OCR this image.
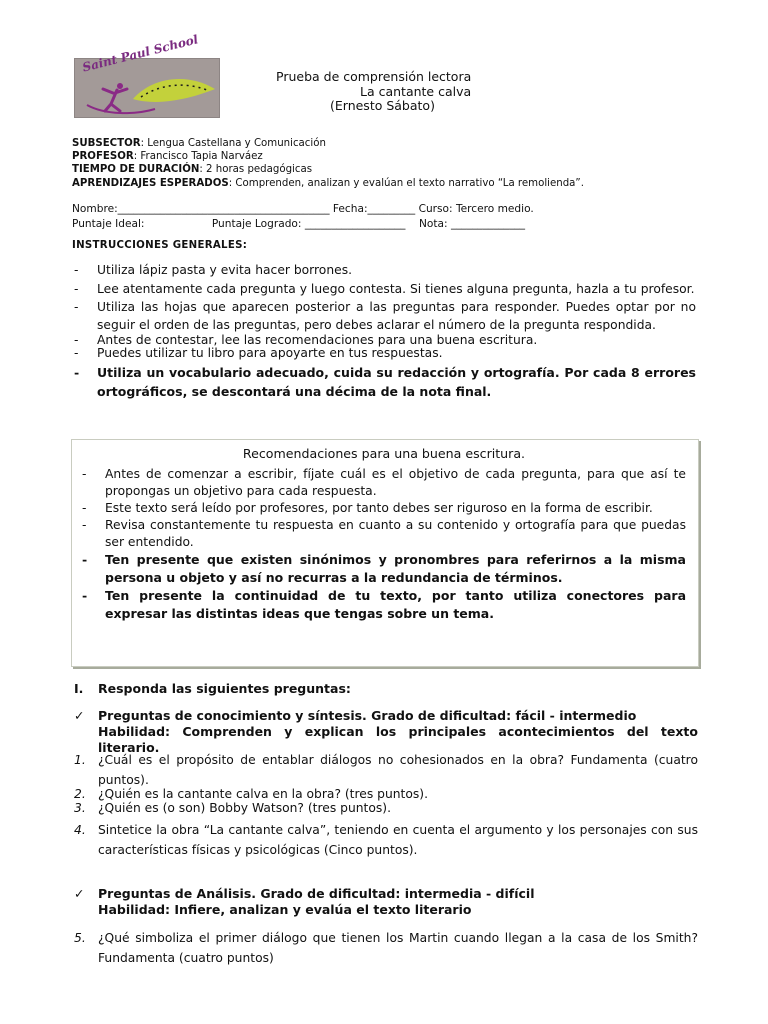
Saint Paul School
Prueba de comprensión lectora
La cantante calva
(Ernesto Sábato)
SUBSECTOR: Lengua Castellana y Comunicación
PROFESOR: Francisco Tapia Narváez
TIEMPO DE DURACIÓN: 2 horas pedagógicas
APRENDIZAJES ESPERADOS: Comprenden, analizan y evalúan el texto narrativo “La remolienda”.
Nombre:________________________________________ Fecha:_________ Curso: Tercero medio.
Puntaje Ideal:                    Puntaje Logrado: ___________________    Nota: ______________
INSTRUCCIONES GENERALES:
- Utiliza lápiz pasta y evita hacer borrones.
- Lee atentamente cada pregunta y luego contesta. Si tienes alguna pregunta, hazla a tu profesor.
- Utiliza las hojas que aparecen posterior a las preguntas para responder. Puedes optar por no seguir el orden de las preguntas, pero debes aclarar el número de la pregunta respondida.
- Antes de contestar, lee las recomendaciones para una buena escritura.
- Puedes utilizar tu libro para apoyarte en tus respuestas.
- Utiliza un vocabulario adecuado, cuida su redacción y ortografía. Por cada 8 errores ortográficos, se descontará una décima de la nota final.
Recomendaciones para una buena escritura.
- Antes de comenzar a escribir, fíjate cuál es el objetivo de cada pregunta, para que así te propongas un objetivo para cada respuesta.
- Este texto será leído por profesores, por tanto debes ser riguroso en la forma de escribir.
- Revisa constantemente tu respuesta en cuanto a su contenido y ortografía para que puedas ser entendido.
- Ten presente que existen sinónimos y pronombres para referirnos a la misma persona u objeto y así no recurras a la redundancia de términos.
- Ten presente la continuidad de tu texto, por tanto utiliza conectores para expresar las distintas ideas que tengas sobre un tema.
I. Responda las siguientes preguntas:
✓ Preguntas de conocimiento y síntesis. Grado de dificultad: fácil - intermedio
Habilidad: Comprenden y explican los principales acontecimientos del texto literario.
1. ¿Cuál es el propósito de entablar diálogos no cohesionados en la obra? Fundamenta (cuatro puntos).
2. ¿Quién es la cantante calva en la obra? (tres puntos).
3. ¿Quién es (o son) Bobby Watson? (tres puntos).
4. Sintetice la obra “La cantante calva”, teniendo en cuenta el argumento y los personajes con sus características físicas y psicológicas (Cinco puntos).
✓ Preguntas de Análisis. Grado de dificultad: intermedia - difícil
Habilidad: Infiere, analizan y evalúa el texto literario
5. ¿Qué simboliza el primer diálogo que tienen los Martin cuando llegan a la casa de los Smith? Fundamenta (cuatro puntos)
